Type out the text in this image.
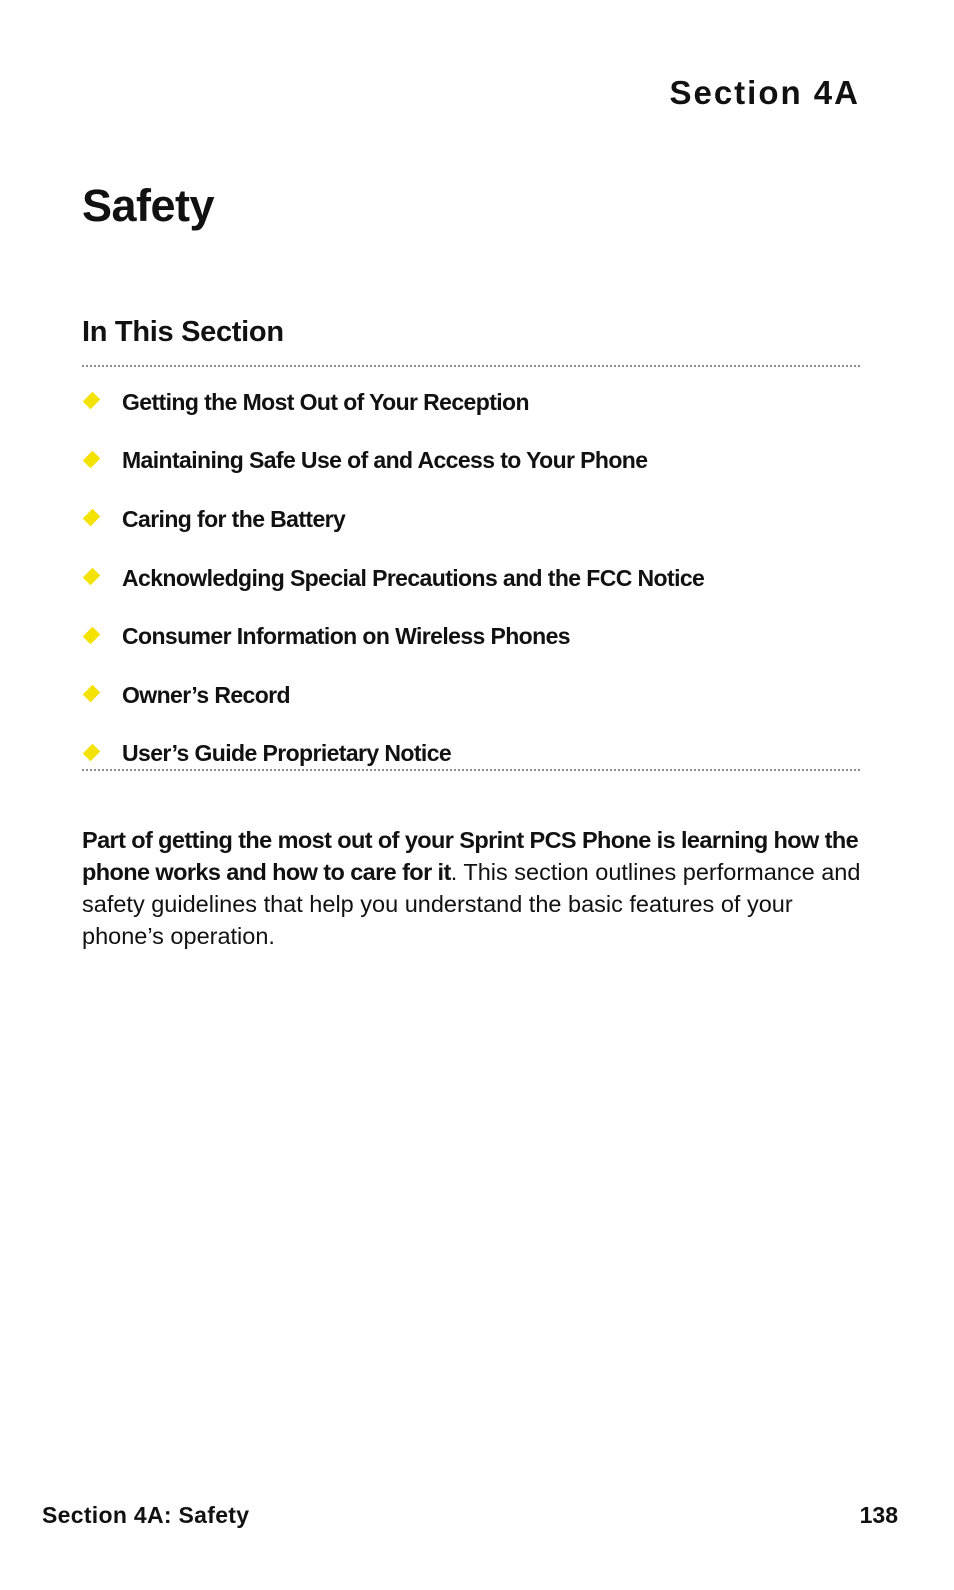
Section 4A
Safety
In This Section
Getting the Most Out of Your Reception
Maintaining Safe Use of and Access to Your Phone
Caring for the Battery
Acknowledging Special Precautions and the FCC Notice
Consumer Information on Wireless Phones
Owner’s Record
User’s Guide Proprietary Notice

Part of getting the most out of your Sprint PCS Phone is learning how the phone works and how to care for it. This section outlines performance and safety guidelines that help you understand the basic features of your phone’s operation.

Section 4A: Safety	138
